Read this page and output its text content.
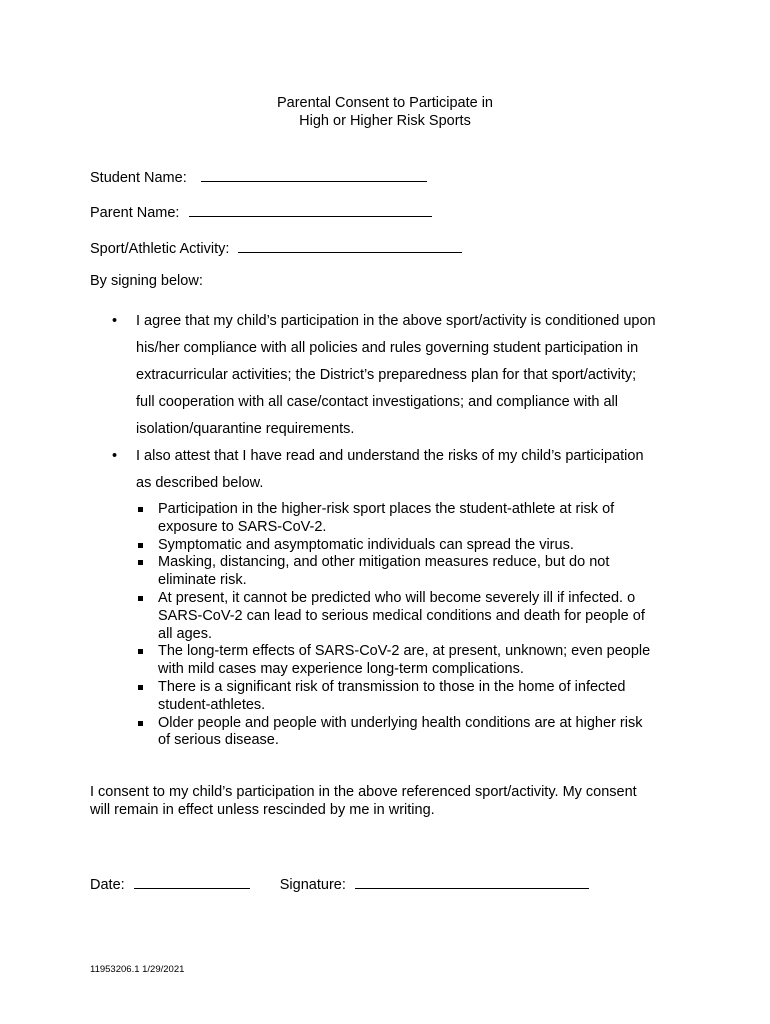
Parental Consent to Participate in
High or Higher Risk Sports
Student Name:
Parent Name:
Sport/Athletic Activity:
By signing below:
• I agree that my child’s participation in the above sport/activity is conditioned upon
his/her compliance with all policies and rules governing student participation in
extracurricular activities; the District’s preparedness plan for that sport/activity;
full cooperation with all case/contact investigations; and compliance with all
isolation/quarantine requirements.
• I also attest that I have read and understand the risks of my child’s participation
as described below.
Participation in the higher-risk sport places the student-athlete at risk of
exposure to SARS-CoV-2.
Symptomatic and asymptomatic individuals can spread the virus.
Masking, distancing, and other mitigation measures reduce, but do not
eliminate risk.
At present, it cannot be predicted who will become severely ill if infected. o
SARS-CoV-2 can lead to serious medical conditions and death for people of
all ages.
The long-term effects of SARS-CoV-2 are, at present, unknown; even people
with mild cases may experience long-term complications.
There is a significant risk of transmission to those in the home of infected
student-athletes.
Older people and people with underlying health conditions are at higher risk
of serious disease.
I consent to my child’s participation in the above referenced sport/activity. My consent
will remain in effect unless rescinded by me in writing.
Date:	Signature:
11953206.1 1/29/2021
